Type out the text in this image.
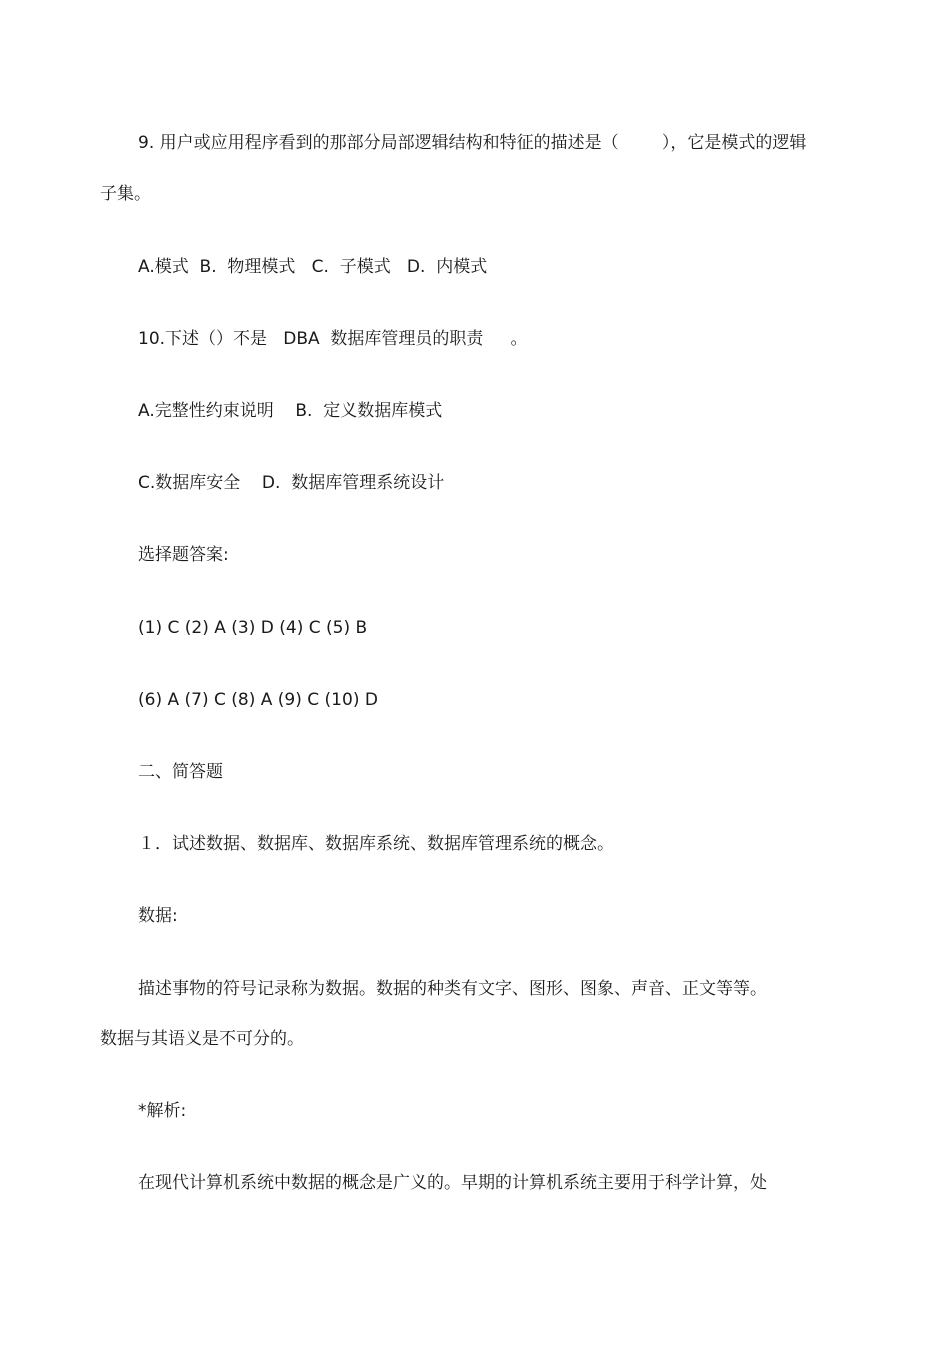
9. 用户或应用程序看到的那部分局部逻辑结构和特征的描述是（        ），它是模式的逻辑

子集。

A.模式  B.  物理模式   C.  子模式   D.  内模式

10.下述（）不是   DBA  数据库管理员的职责     。

A.完整性约束说明    B.  定义数据库模式

C.数据库安全    D.  数据库管理系统设计

选择题答案:

(1) C (2) A (3) D (4) C (5) B

(6) A (7) C (8) A (9) C (10) D

二、简答题

１．试述数据、数据库、数据库系统、数据库管理系统的概念。

数据:

描述事物的符号记录称为数据。数据的种类有文字、图形、图象、声音、正文等等。

数据与其语义是不可分的。

*解析:

在现代计算机系统中数据的概念是广义的。早期的计算机系统主要用于科学计算，处
